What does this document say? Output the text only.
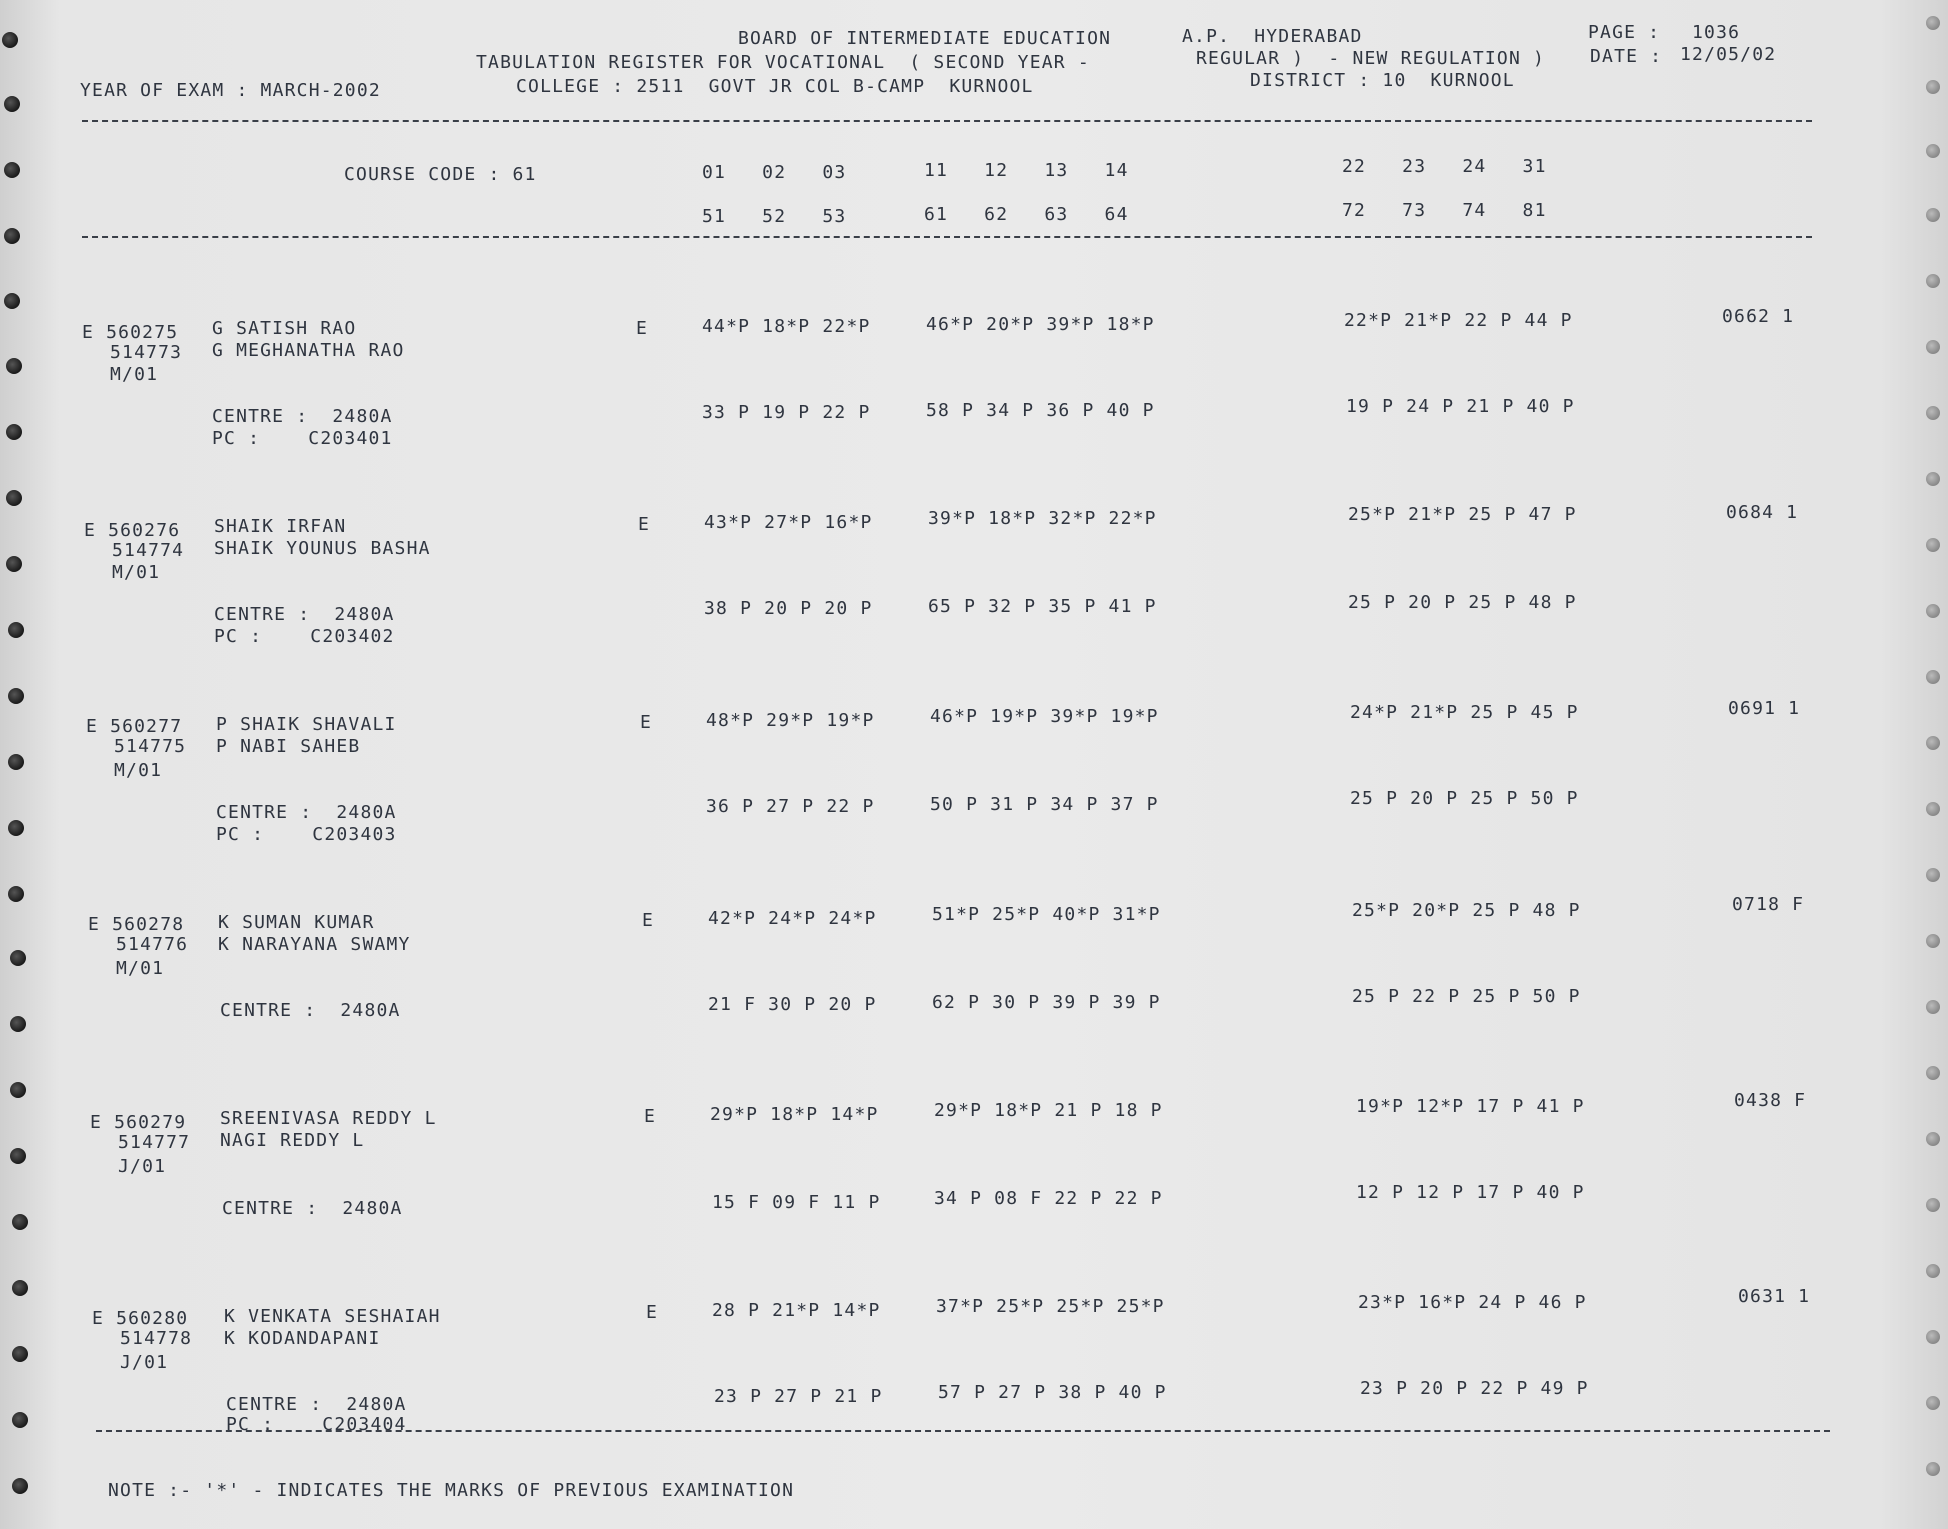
BOARD OF INTERMEDIATE EDUCATION	A.P.  HYDERABAD	PAGE : 1036
TABULATION REGISTER FOR VOCATIONAL  ( SECOND YEAR -	REGULAR )  - NEW REGULATION ) DATE : 12/05/02
YEAR OF EXAM : MARCH-2002	COLLEGE : 2511  GOVT JR COL B-CAMP  KURNOOL	DISTRICT : 10  KURNOOL
COURSE CODE : 61	01   02   03	11   12   13   14	22   23   24   31
51   52   53	61   62   63   64	72   73   74   81
E 560275 G SATISH RAO
514773 G MEGHANATHA RAO
M/01
E	44*P 18*P 22*P	46*P 20*P 39*P 18*P	22*P 21*P 22 P 44 P	0662 1
CENTRE :  2480A
PC :    C203401
33 P 19 P 22 P	58 P 34 P 36 P 40 P	19 P 24 P 21 P 40 P
E 560276 SHAIK IRFAN
514774 SHAIK YOUNUS BASHA
M/01
E	43*P 27*P 16*P	39*P 18*P 32*P 22*P	25*P 21*P 25 P 47 P	0684 1
CENTRE :  2480A
PC :    C203402
38 P 20 P 20 P	65 P 32 P 35 P 41 P	25 P 20 P 25 P 48 P
E 560277 P SHAIK SHAVALI
514775 P NABI SAHEB
M/01
E	48*P 29*P 19*P	46*P 19*P 39*P 19*P	24*P 21*P 25 P 45 P	0691 1
CENTRE :  2480A
PC :    C203403
36 P 27 P 22 P	50 P 31 P 34 P 37 P	25 P 20 P 25 P 50 P
E 560278 K SUMAN KUMAR
514776 K NARAYANA SWAMY
M/01
E	42*P 24*P 24*P	51*P 25*P 40*P 31*P	25*P 20*P 25 P 48 P	0718 F
CENTRE :  2480A	21 F 30 P 20 P	62 P 30 P 39 P 39 P	25 P 22 P 25 P 50 P
E 560279 SREENIVASA REDDY L
514777 NAGI REDDY L
J/01
E	29*P 18*P 14*P	29*P 18*P 21 P 18 P	19*P 12*P 17 P 41 P	0438 F
CENTRE :  2480A	15 F 09 F 11 P	34 P 08 F 22 P 22 P	12 P 12 P 17 P 40 P
E 560280 K VENKATA SESHAIAH
514778 K KODANDAPANI
J/01
E	28 P 21*P 14*P	37*P 25*P 25*P 25*P	23*P 16*P 24 P 46 P	0631 1
CENTRE :  2480A
PC :    C203404
23 P 27 P 21 P	57 P 27 P 38 P 40 P	23 P 20 P 22 P 49 P
NOTE :- '*' - INDICATES THE MARKS OF PREVIOUS EXAMINATION
